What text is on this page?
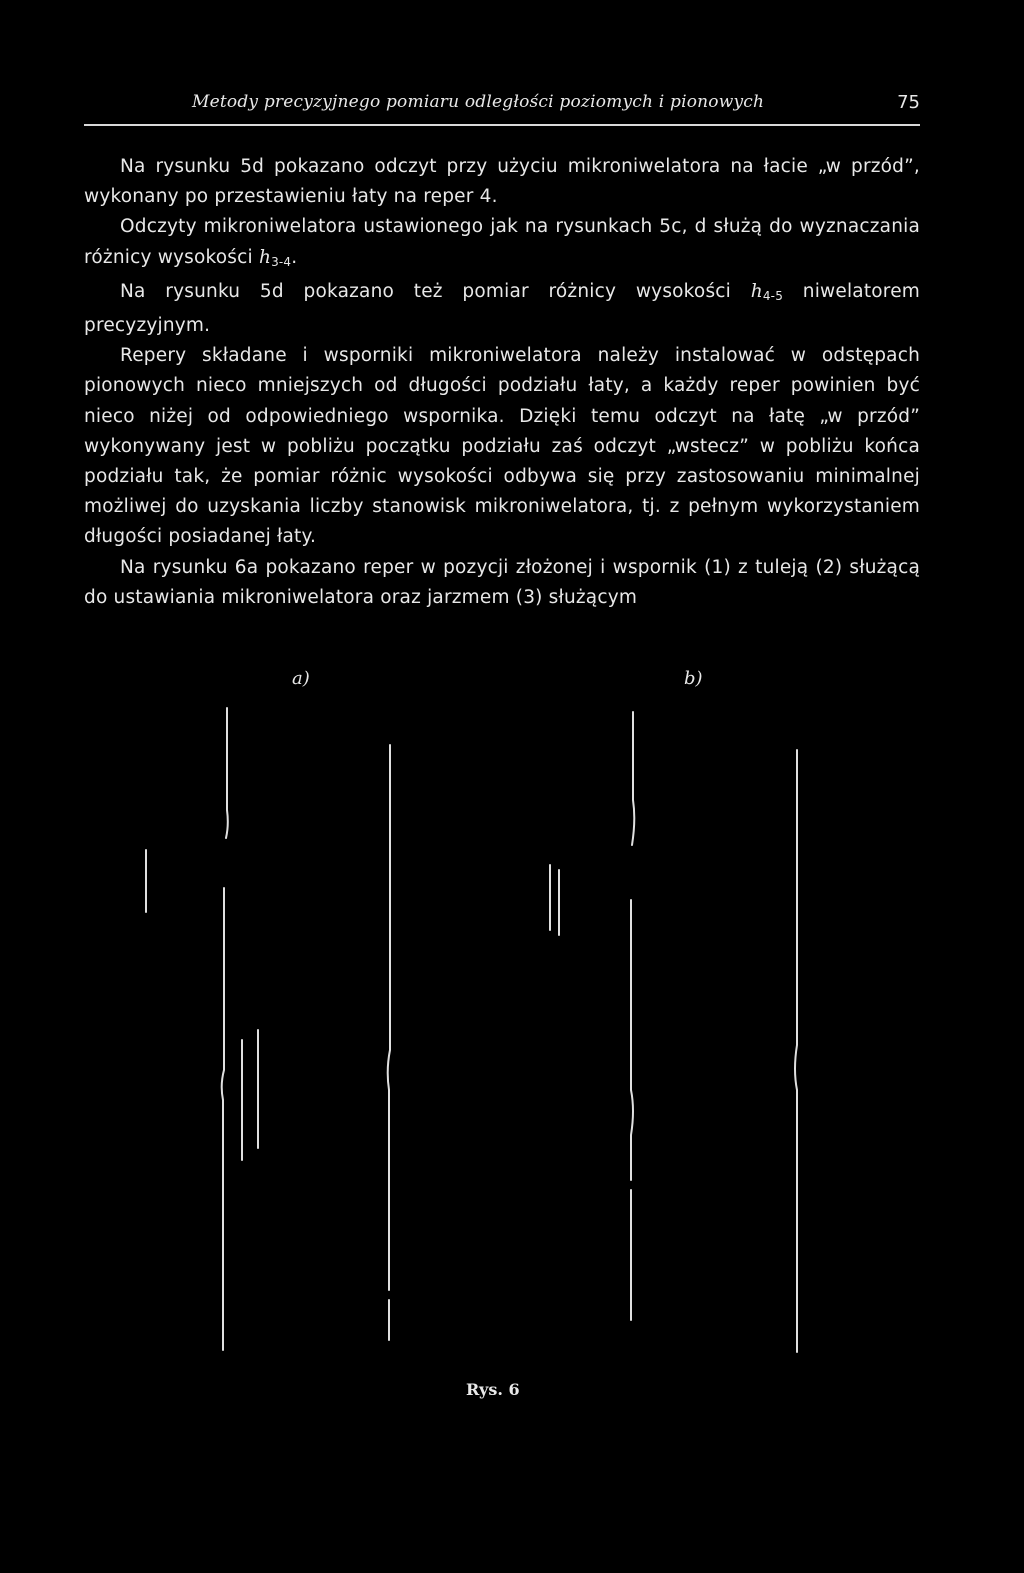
Metody precyzyjnego pomiaru odległości poziomych i pionowych	75

Na rysunku 5d pokazano odczyt przy użyciu mikroniwelatora na łacie „w przód”, wykonany po przestawieniu łaty na reper 4.

Odczyty mikroniwelatora ustawionego jak na rysunkach 5c, d służą do wyznaczania różnicy wysokości $h_{3-4}$.

Na rysunku 5d pokazano też pomiar różnicy wysokości $h_{4-5}$ niwelatorem precyzyjnym.

Repery składane i wsporniki mikroniwelatora należy instalować w odstępach pionowych nieco mniejszych od długości podziału łaty, a każdy reper powinien być nieco niżej od odpowiedniego wspornika. Dzięki temu odczyt na łatę „w przód” wykonywany jest w pobliżu początku podziału zaś odczyt „wstecz” w pobliżu końca podziału tak, że pomiar różnic wysokości odbywa się przy zastosowaniu minimalnej możliwej do uzyskania liczby stanowisk mikroniwelatora, tj. z pełnym wykorzystaniem długości posiadanej łaty.

Na rysunku 6a pokazano reper w pozycji złożonej i wspornik (1) z tuleją (2) służącą do ustawiania mikroniwelatora oraz jarzmem (3) służącym

a)	b)
Rys. 6
